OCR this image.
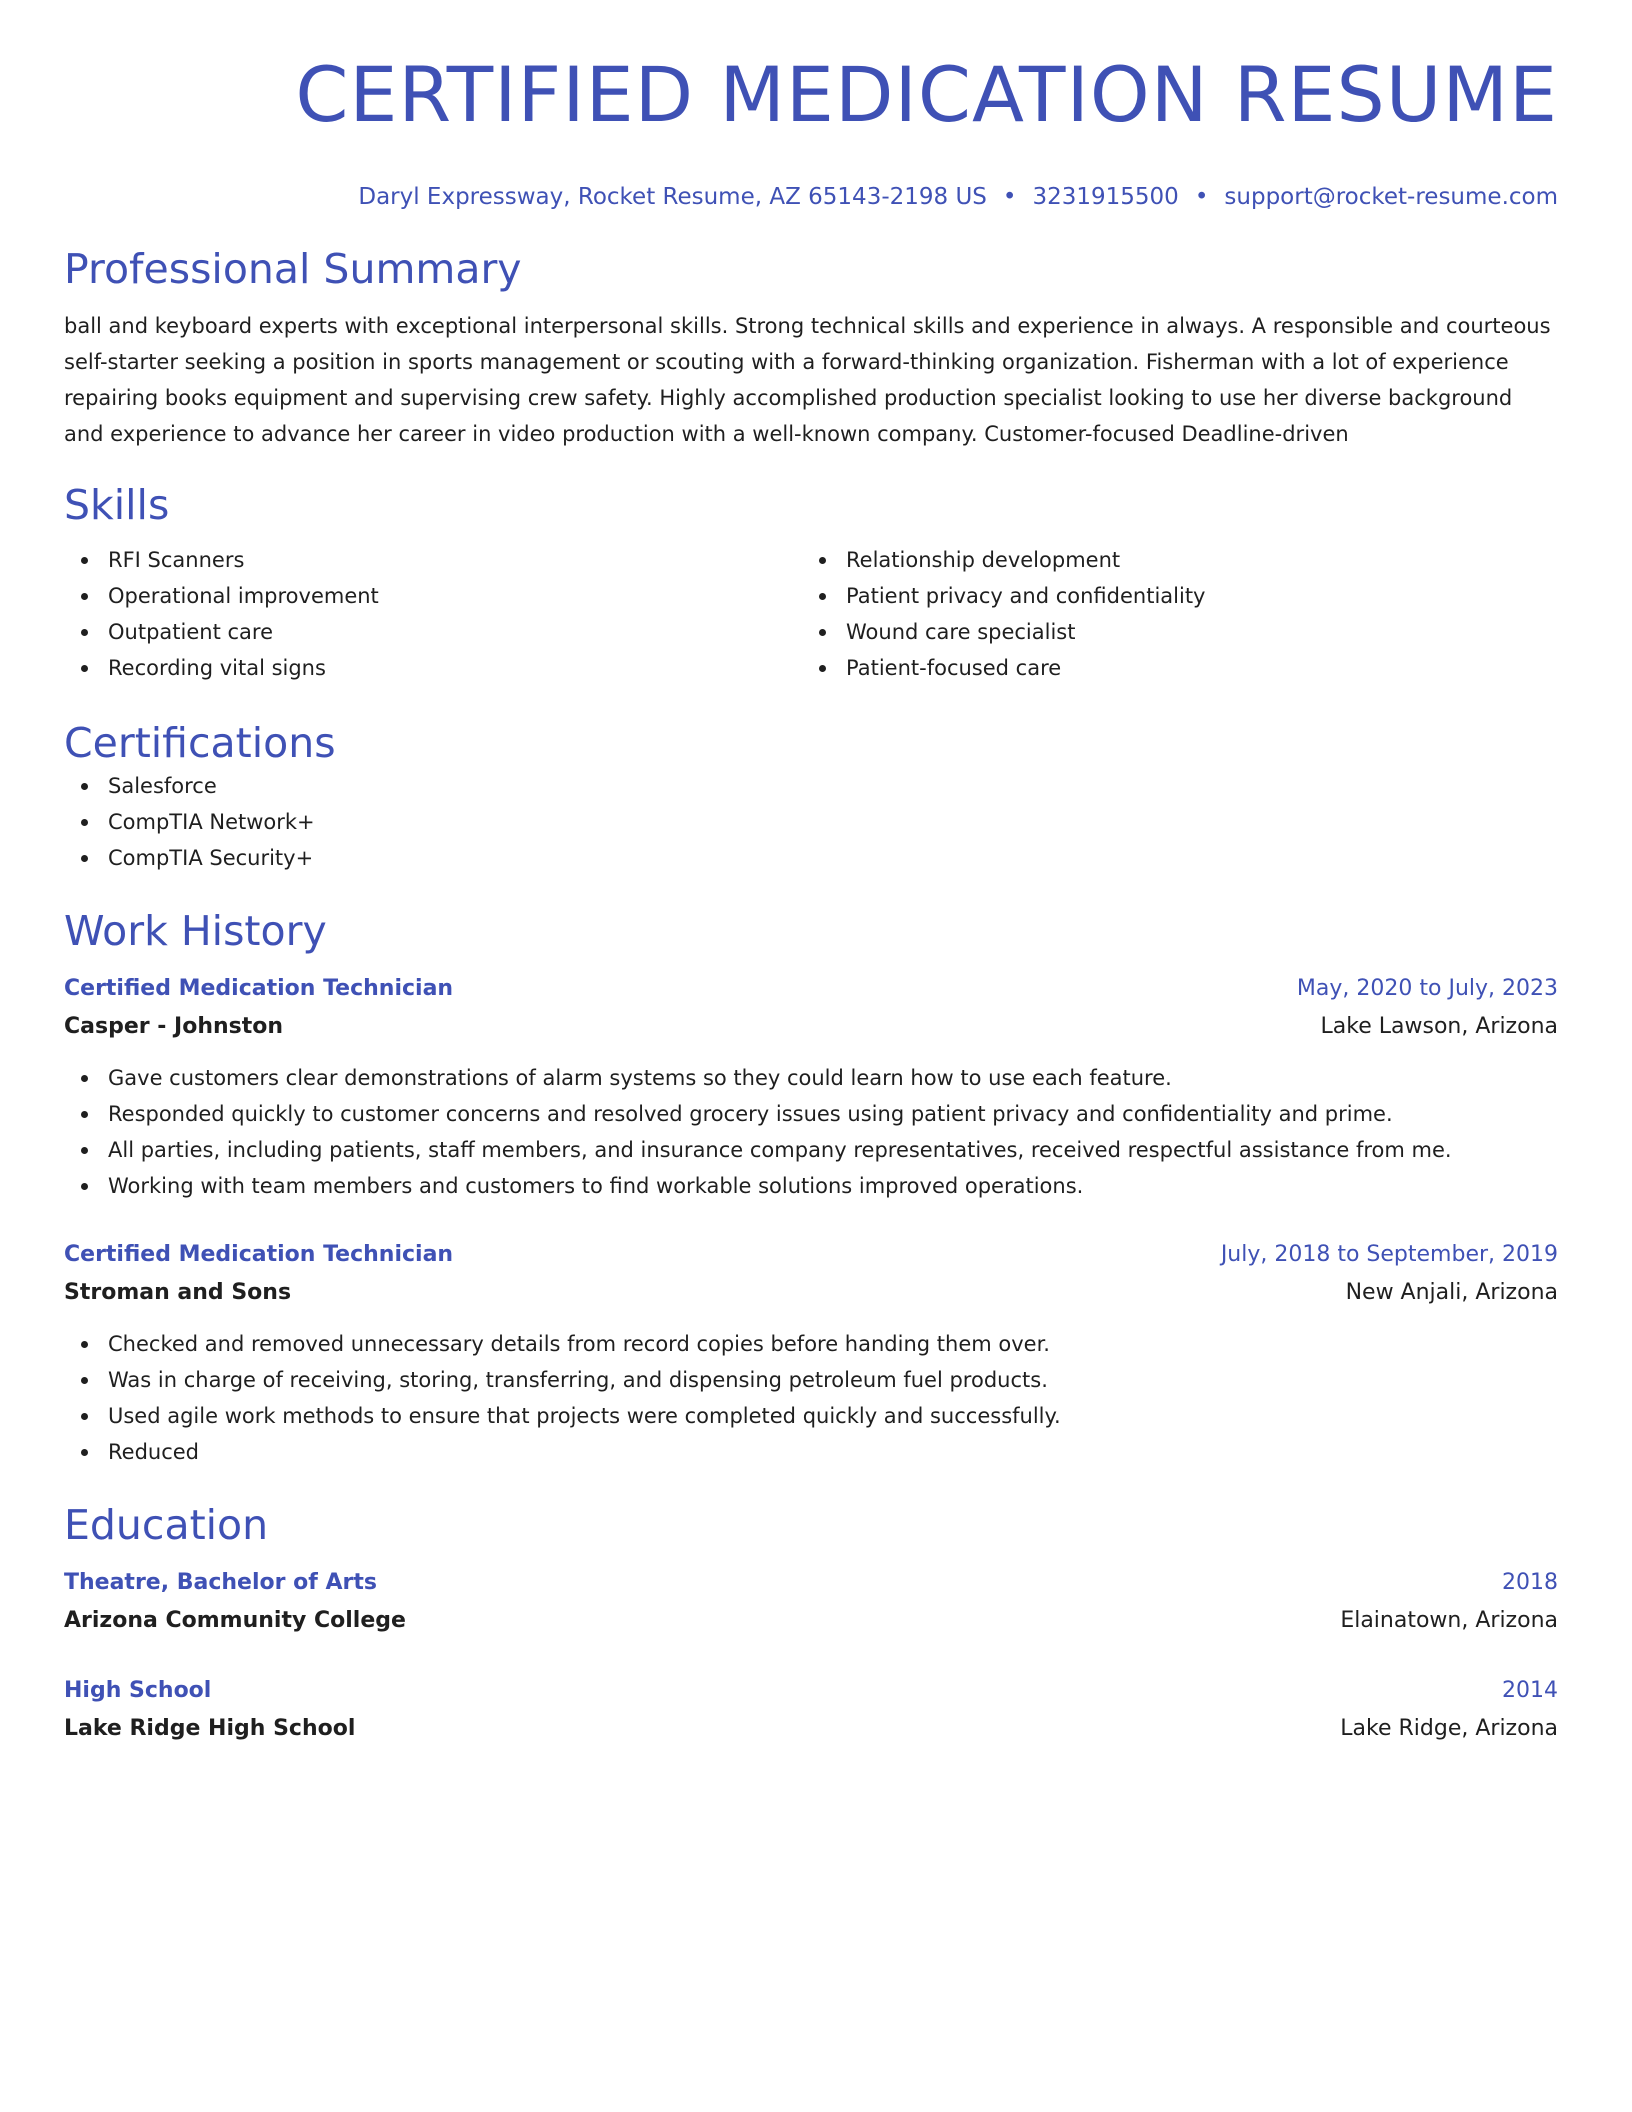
CERTIFIED MEDICATION RESUME
Daryl Expressway, Rocket Resume, AZ 65143-2198 US • 3231915500 • support@rocket-resume.com
Professional Summary

ball and keyboard experts with exceptional interpersonal skills. Strong technical skills and experience in always. A responsible and courteous self-starter seeking a position in sports management or scouting with a forward-thinking organization. Fisherman with a lot of experience repairing books equipment and supervising crew safety. Highly accomplished production specialist looking to use her diverse background and experience to advance her career in video production with a well-known company. Customer-focused Deadline-driven

Skills
RFI Scanners
Operational improvement
Outpatient care
Recording vital signs
Relationship development
Patient privacy and confidentiality
Wound care specialist
Patient-focused care
Certifications
Salesforce
CompTIA Network+
CompTIA Security+
Work History
Certified Medication Technician	May, 2020 to July, 2023
Casper - Johnston	Lake Lawson, Arizona
Gave customers clear demonstrations of alarm systems so they could learn how to use each feature.
Responded quickly to customer concerns and resolved grocery issues using patient privacy and confidentiality and prime.
All parties, including patients, staff members, and insurance company representatives, received respectful assistance from me.
Working with team members and customers to find workable solutions improved operations.
Certified Medication Technician	July, 2018 to September, 2019
Stroman and Sons	New Anjali, Arizona
Checked and removed unnecessary details from record copies before handing them over.
Was in charge of receiving, storing, transferring, and dispensing petroleum fuel products.
Used agile work methods to ensure that projects were completed quickly and successfully.
Reduced
Education
Theatre, Bachelor of Arts	2018
Arizona Community College	Elainatown, Arizona
High School	2014
Lake Ridge High School	Lake Ridge, Arizona
